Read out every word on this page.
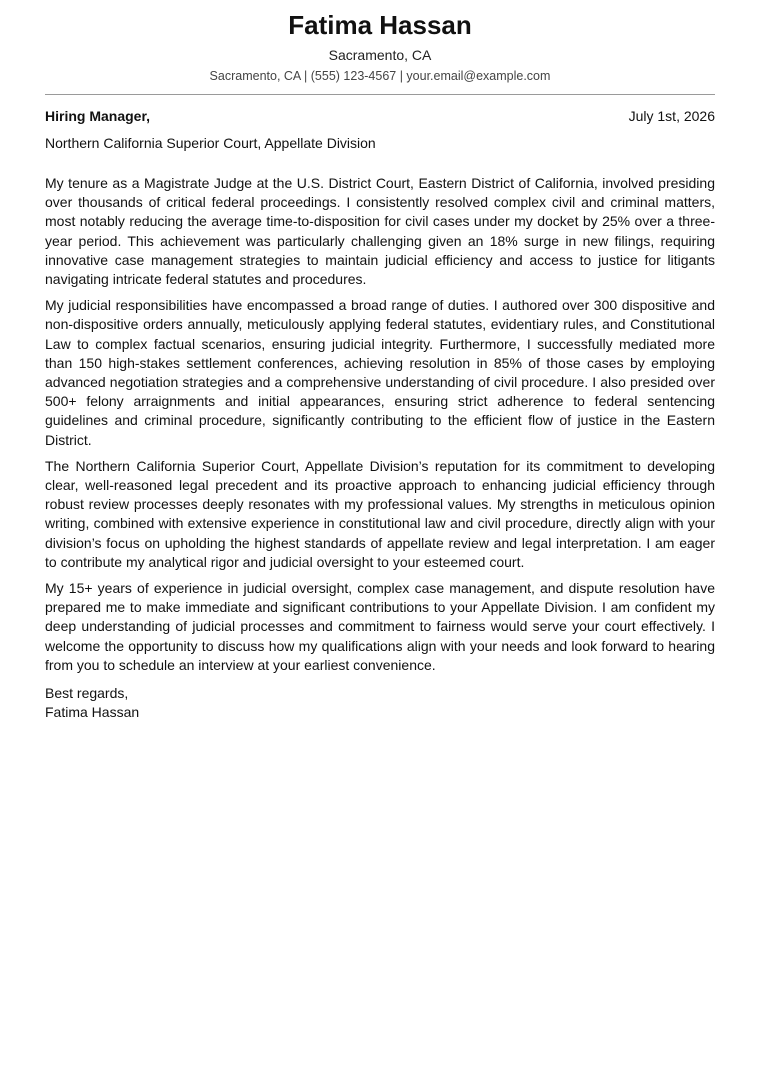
Fatima Hassan
Sacramento, CA
Sacramento, CA | (555) 123-4567 | your.email@example.com
Hiring Manager,	July 1st, 2026
Northern California Superior Court, Appellate Division

My tenure as a Magistrate Judge at the U.S. District Court, Eastern District of California, involved presiding over thousands of critical federal proceedings. I consistently resolved complex civil and criminal matters, most notably reducing the average time-to-disposition for civil cases under my docket by 25% over a three-year period. This achievement was particularly challenging given an 18% surge in new filings, requiring innovative case management strategies to maintain judicial efficiency and access to justice for litigants navigating intricate federal statutes and procedures.

My judicial responsibilities have encompassed a broad range of duties. I authored over 300 dispositive and non-dispositive orders annually, meticulously applying federal statutes, evidentiary rules, and Constitutional Law to complex factual scenarios, ensuring judicial integrity. Furthermore, I successfully mediated more than 150 high-stakes settlement conferences, achieving resolution in 85% of those cases by employing advanced negotiation strategies and a comprehensive understanding of civil procedure. I also presided over 500+ felony arraignments and initial appearances, ensuring strict adherence to federal sentencing guidelines and criminal procedure, significantly contributing to the efficient flow of justice in the Eastern District.

The Northern California Superior Court, Appellate Division’s reputation for its commitment to developing clear, well-reasoned legal precedent and its proactive approach to enhancing judicial efficiency through robust review processes deeply resonates with my professional values. My strengths in meticulous opinion writing, combined with extensive experience in constitutional law and civil procedure, directly align with your division’s focus on upholding the highest standards of appellate review and legal interpretation. I am eager to contribute my analytical rigor and judicial oversight to your esteemed court.

My 15+ years of experience in judicial oversight, complex case management, and dispute resolution have prepared me to make immediate and significant contributions to your Appellate Division. I am confident my deep understanding of judicial processes and commitment to fairness would serve your court effectively. I welcome the opportunity to discuss how my qualifications align with your needs and look forward to hearing from you to schedule an interview at your earliest convenience.

Best regards,
Fatima Hassan
